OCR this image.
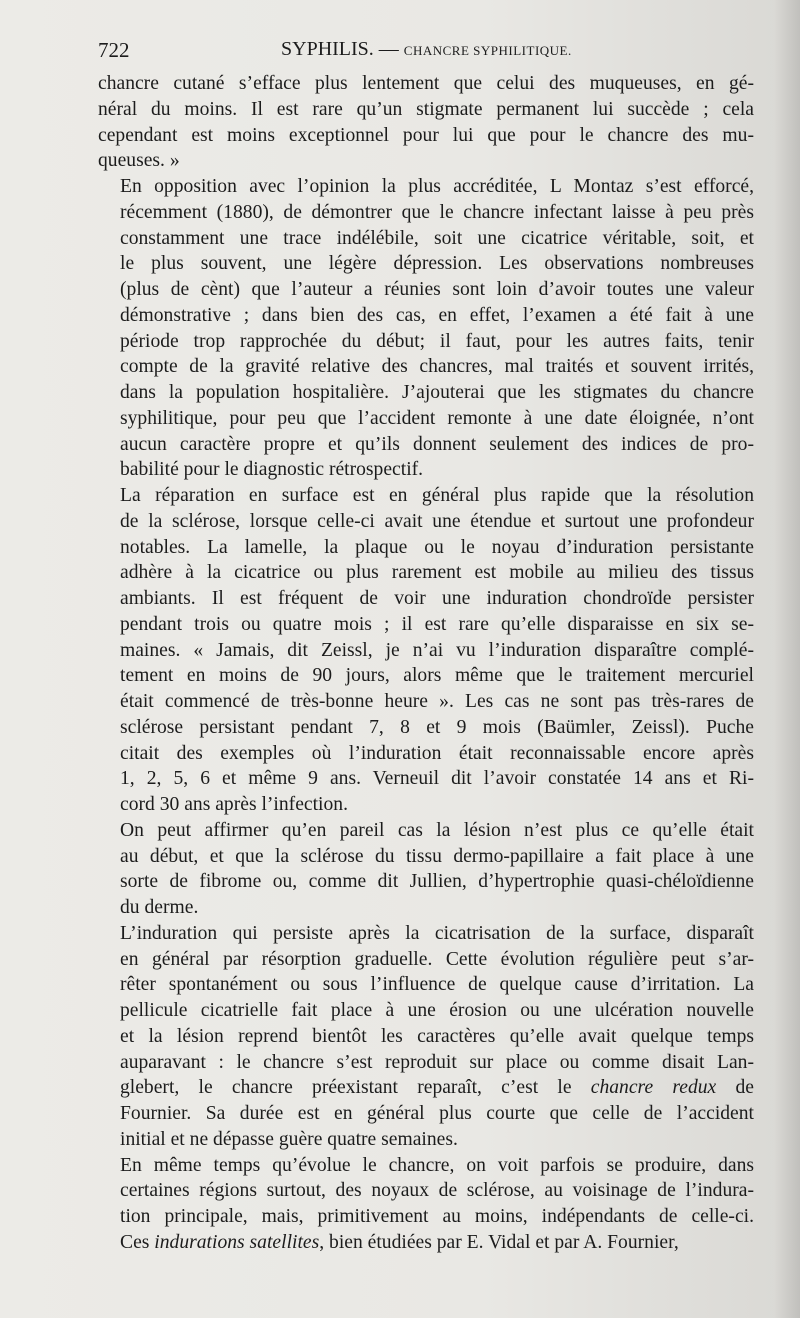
722	SYPHILIS. — CHANCRE SYPHILITIQUE.

chancre cutané s’efface plus lentement que celui des muqueuses, en gé-
néral du moins. Il est rare qu’un stigmate permanent lui succède ; cela
cependant est moins exceptionnel pour lui que pour le chancre des mu-
queuses. »

En opposition avec l’opinion la plus accréditée, L Montaz s’est efforcé,
récemment (1880), de démontrer que le chancre infectant laisse à peu près
constamment une trace indélébile, soit une cicatrice véritable, soit, et
le plus souvent, une légère dépression. Les observations nombreuses
(plus de cènt) que l’auteur a réunies sont loin d’avoir toutes une valeur
démonstrative ; dans bien des cas, en effet, l’examen a été fait à une
période trop rapprochée du début; il faut, pour les autres faits, tenir
compte de la gravité relative des chancres, mal traités et souvent irrités,
dans la population hospitalière. J’ajouterai que les stigmates du chancre
syphilitique, pour peu que l’accident remonte à une date éloignée, n’ont
aucun caractère propre et qu’ils donnent seulement des indices de pro-
babilité pour le diagnostic rétrospectif.

La réparation en surface est en général plus rapide que la résolution
de la sclérose, lorsque celle-ci avait une étendue et surtout une profondeur
notables. La lamelle, la plaque ou le noyau d’induration persistante
adhère à la cicatrice ou plus rarement est mobile au milieu des tissus
ambiants. Il est fréquent de voir une induration chondroïde persister
pendant trois ou quatre mois ; il est rare qu’elle disparaisse en six se-
maines. « Jamais, dit Zeissl, je n’ai vu l’induration disparaître complé-
tement en moins de 90 jours, alors même que le traitement mercuriel
était commencé de très-bonne heure ». Les cas ne sont pas très-rares de
sclérose persistant pendant 7, 8 et 9 mois (Baümler, Zeissl). Puche
citait des exemples où l’induration était reconnaissable encore après
1, 2, 5, 6 et même 9 ans. Verneuil dit l’avoir constatée 14 ans et Ri-
cord 30 ans après l’infection.

On peut affirmer qu’en pareil cas la lésion n’est plus ce qu’elle était
au début, et que la sclérose du tissu dermo-papillaire a fait place à une
sorte de fibrome ou, comme dit Jullien, d’hypertrophie quasi-chéloïdienne
du derme.

L’induration qui persiste après la cicatrisation de la surface, disparaît
en général par résorption graduelle. Cette évolution régulière peut s’ar-
rêter spontanément ou sous l’influence de quelque cause d’irritation. La
pellicule cicatrielle fait place à une érosion ou une ulcération nouvelle
et la lésion reprend bientôt les caractères qu’elle avait quelque temps
auparavant : le chancre s’est reproduit sur place ou comme disait Lan-
glebert, le chancre préexistant reparaît, c’est le chancre redux de
Fournier. Sa durée est en général plus courte que celle de l’accident
initial et ne dépasse guère quatre semaines.

En même temps qu’évolue le chancre, on voit parfois se produire, dans
certaines régions surtout, des noyaux de sclérose, au voisinage de l’indura-
tion principale, mais, primitivement au moins, indépendants de celle-ci.
Ces indurations satellites, bien étudiées par E. Vidal et par A. Fournier,
